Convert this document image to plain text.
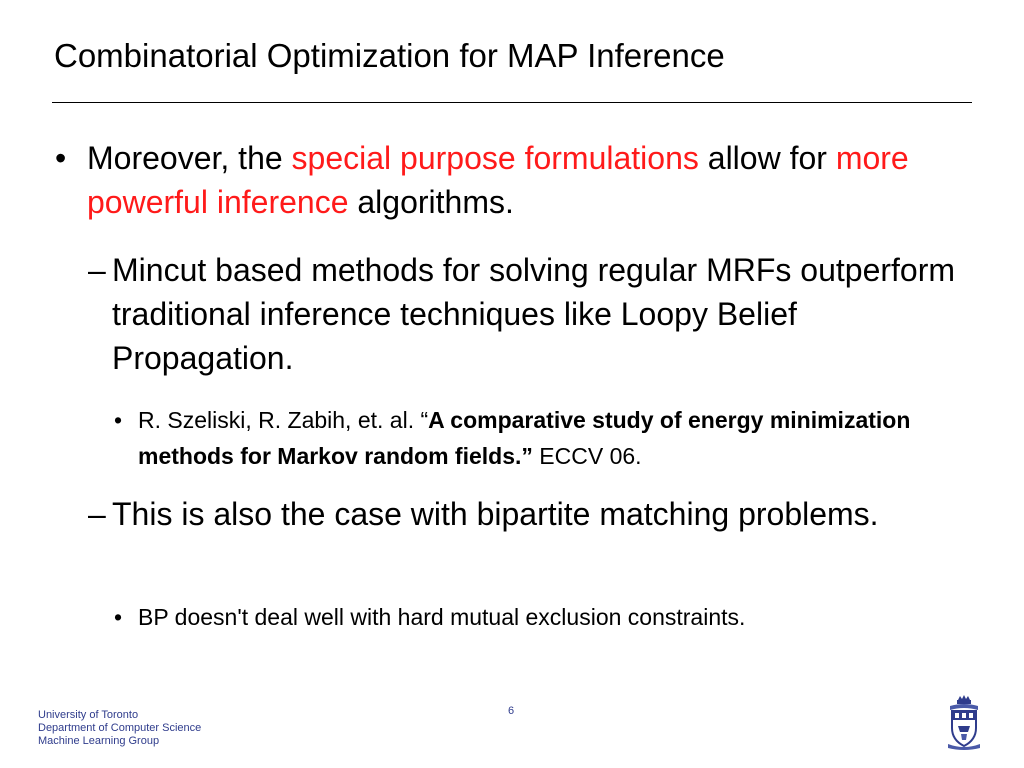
Combinatorial Optimization for MAP Inference
• Moreover, the special purpose formulations allow for more powerful inference algorithms.
– Mincut based methods for solving regular MRFs outperform traditional inference techniques like Loopy Belief Propagation.
• R. Szeliski, R. Zabih, et. al. “A comparative study of energy minimization methods for Markov random fields.” ECCV 06.
– This is also the case with bipartite matching problems.
• BP doesn't deal well with hard mutual exclusion constraints.
University of Toronto
Department of Computer Science
Machine Learning Group
6
